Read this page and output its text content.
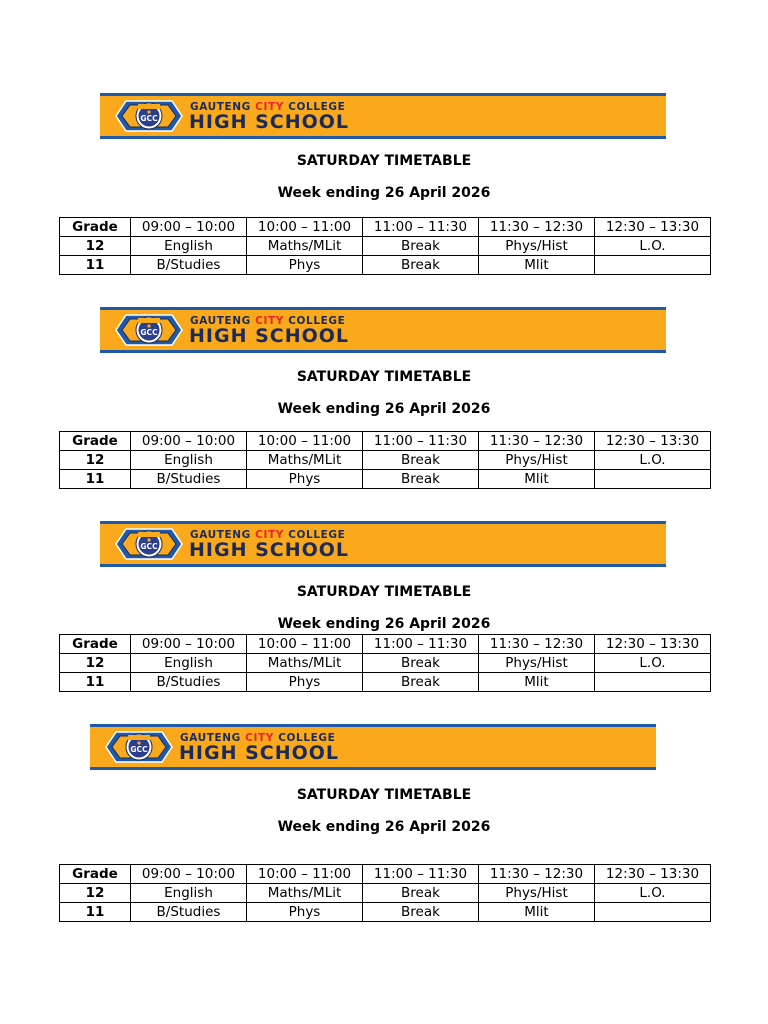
GCC
GAUTENG CITY COLLEGE
HIGH SCHOOL
SATURDAY TIMETABLE
Week ending 26 April 2026
Grade	09:00 – 10:00	10:00 – 11:00	11:00 – 11:30	11:30 – 12:30	12:30 – 13:30
12	English	Maths/MLit	Break	Phys/Hist	L.O.
11	B/Studies	Phys	Break	Mlit	
GCC
GAUTENG CITY COLLEGE
HIGH SCHOOL
SATURDAY TIMETABLE
Week ending 26 April 2026
Grade	09:00 – 10:00	10:00 – 11:00	11:00 – 11:30	11:30 – 12:30	12:30 – 13:30
12	English	Maths/MLit	Break	Phys/Hist	L.O.
11	B/Studies	Phys	Break	Mlit	
GCC
GAUTENG CITY COLLEGE
HIGH SCHOOL
SATURDAY TIMETABLE
Week ending 26 April 2026
Grade	09:00 – 10:00	10:00 – 11:00	11:00 – 11:30	11:30 – 12:30	12:30 – 13:30
12	English	Maths/MLit	Break	Phys/Hist	L.O.
11	B/Studies	Phys	Break	Mlit	
GCC
GAUTENG CITY COLLEGE
HIGH SCHOOL
SATURDAY TIMETABLE
Week ending 26 April 2026
Grade	09:00 – 10:00	10:00 – 11:00	11:00 – 11:30	11:30 – 12:30	12:30 – 13:30
12	English	Maths/MLit	Break	Phys/Hist	L.O.
11	B/Studies	Phys	Break	Mlit	
